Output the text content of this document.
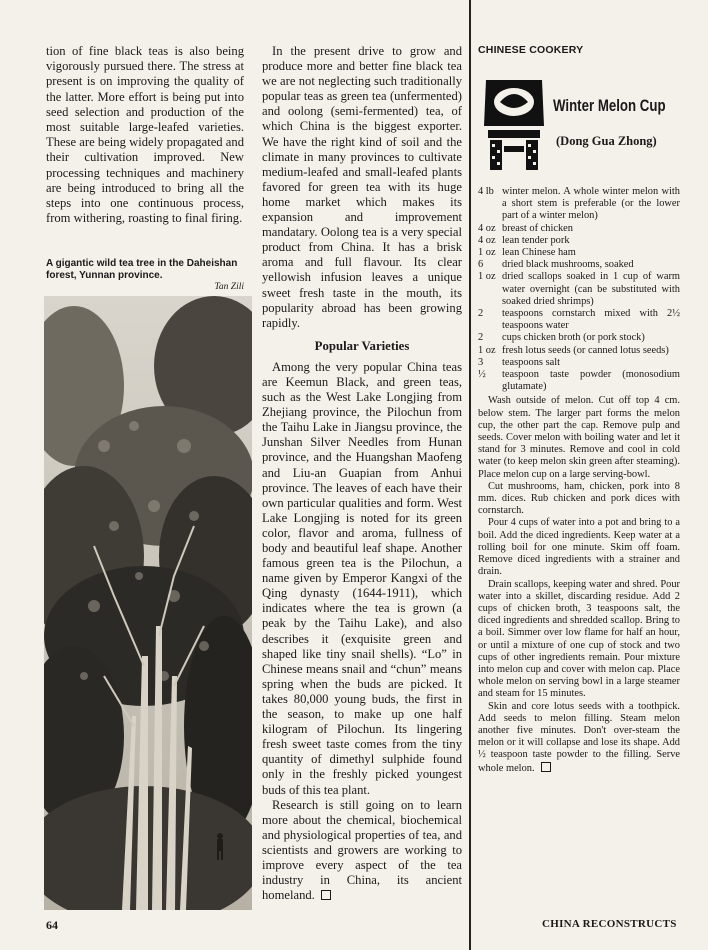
tion of fine black teas is also being vigorously pursued there. The stress at present is on improving the quality of the latter. More effort is being put into seed selection and production of the most suitable large-leafed varieties. These are being widely propagated and their cultivation improved. New processing techniques and machinery are being introduced to bring all the steps into one continuous process, from withering, roasting to final firing.
A gigantic wild tea tree in the Daheishan forest, Yunnan province.
Tan Zili

In the present drive to grow and produce more and better fine black tea we are not neglecting such traditionally popular teas as green tea (unfermented) and oolong (semi-fermented) tea, of which China is the biggest exporter. We have the right kind of soil and the climate in many provinces to cultivate medium-leafed and small-leafed plants favored for green tea with its huge home market which makes its expansion and improvement mandatary. Oolong tea is a very special product from China. It has a brisk aroma and full flavour. Its clear yellowish infusion leaves a unique sweet fresh taste in the mouth, its popularity abroad has been growing rapidly.

Popular Varieties

Among the very popular China teas are Keemun Black, and green teas, such as the West Lake Longjing from Zhejiang province, the Pilochun from the Taihu Lake in Jiangsu province, the Junshan Silver Needles from Hunan province, and the Huangshan Maofeng and Liu-an Guapian from Anhui province. The leaves of each have their own particular qualities and form. West Lake Longjing is noted for its green color, flavor and aroma, fullness of body and beautiful leaf shape. Another famous green tea is the Pilochun, a name given by Emperor Kangxi of the Qing dynasty (1644-1911), which indicates where the tea is grown (a peak by the Taihu Lake), and also describes it (exquisite green and shaped like tiny snail shells). “Lo” in Chinese means snail and “chun” means spring when the buds are picked. It takes 80,000 young buds, the first in the season, to make up one half kilogram of Pilochun. Its lingering fresh sweet taste comes from the tiny quantity of dimethyl sulphide found only in the freshly picked youngest buds of this tea plant.

Research is still going on to learn more about the chemical, biochemical and physiological properties of tea, and scientists and growers are working to improve every aspect of the tea industry in China, its ancient homeland.

CHINESE COOKERY
Winter Melon Cup
(Dong Gua Zhong)
4 lb winter melon. A whole winter melon with a short stem is preferable (or the lower part of a winter melon)
4 oz breast of chicken
4 oz lean tender pork
1 oz lean Chinese ham
6	dried black mushrooms, soaked
1 oz dried scallops soaked in 1 cup of warm water overnight (can be substituted with soaked dried shrimps)
2	teaspoons cornstarch mixed with 2½ teaspoons water
2	cups chicken broth (or pork stock)
1 oz fresh lotus seeds (or canned lotus seeds)
3	teaspoons salt
½	teaspoon taste powder (monosodium glutamate)

Wash outside of melon. Cut off top 4 cm. below stem. The larger part forms the melon cup, the other part the cap. Remove pulp and seeds. Cover melon with boiling water and let it stand for 3 minutes. Remove and cool in cold water (to keep melon skin green after steaming). Place melon cup on a large serving-bowl.

Cut mushrooms, ham, chicken, pork into 8 mm. dices. Rub chicken and pork dices with cornstarch.

Pour 4 cups of water into a pot and bring to a boil. Add the diced ingredients. Keep water at a rolling boil for one minute. Skim off foam. Remove diced ingredients with a strainer and drain.

Drain scallops, keeping water and shred. Pour water into a skillet, discarding residue. Add 2 cups of chicken broth, 3 teaspoons salt, the diced ingredients and shredded scallop. Bring to a boil. Simmer over low flame for half an hour, or until a mixture of one cup of stock and two cups of other ingredients remain. Pour mixture into melon cup and cover with melon cap. Place whole melon on serving bowl in a large steamer and steam for 15 minutes.

Skin and core lotus seeds with a toothpick. Add seeds to melon filling. Steam melon another five minutes. Don't over-steam the melon or it will collapse and lose its shape. Add ½ teaspoon taste powder to the filling. Serve whole melon.

64	CHINA RECONSTRUCTS
